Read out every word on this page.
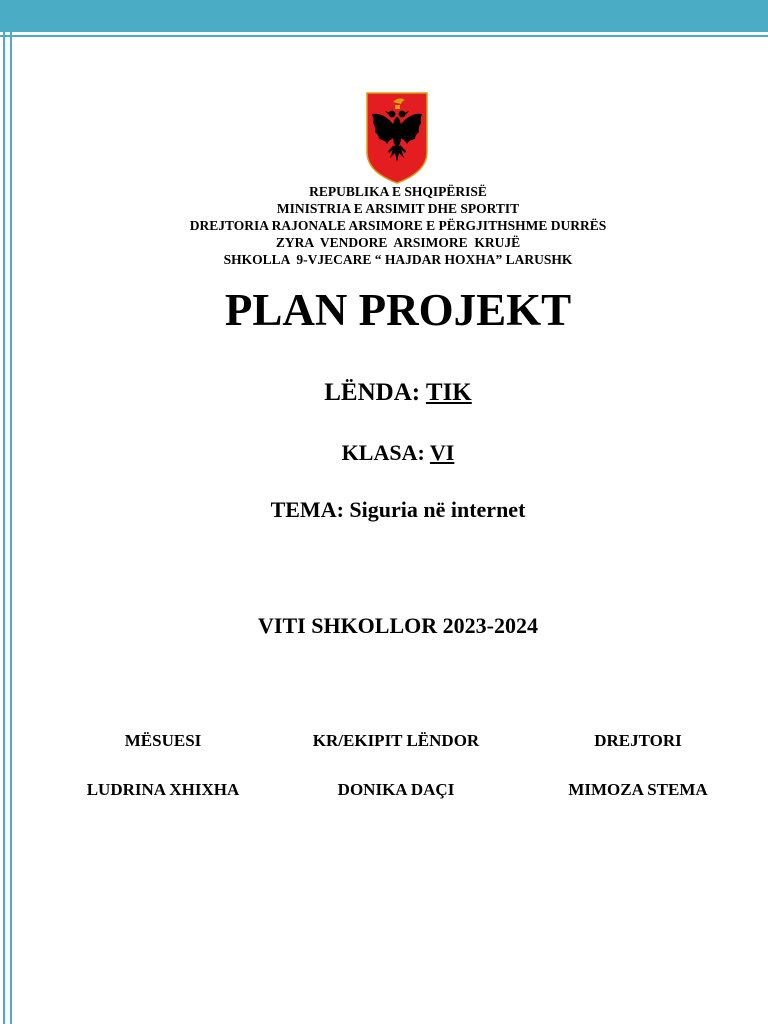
REPUBLIKA E SHQIPËRISË
MINISTRIA E ARSIMIT DHE SPORTIT
DREJTORIA RAJONALE ARSIMORE E PËRGJITHSHME DURRËS
ZYRA  VENDORE  ARSIMORE  KRUJË
SHKOLLA  9-VJECARE “ HAJDAR HOXHA” LARUSHK
PLAN PROJEKT
LËNDA: TIK
KLASA: VI
TEMA: Siguria në internet
VITI SHKOLLOR 2023-2024
MËSUESI	KR/EKIPIT LËNDOR	DREJTORI
LUDRINA XHIXHA	DONIKA DAÇI	MIMOZA STEMA
